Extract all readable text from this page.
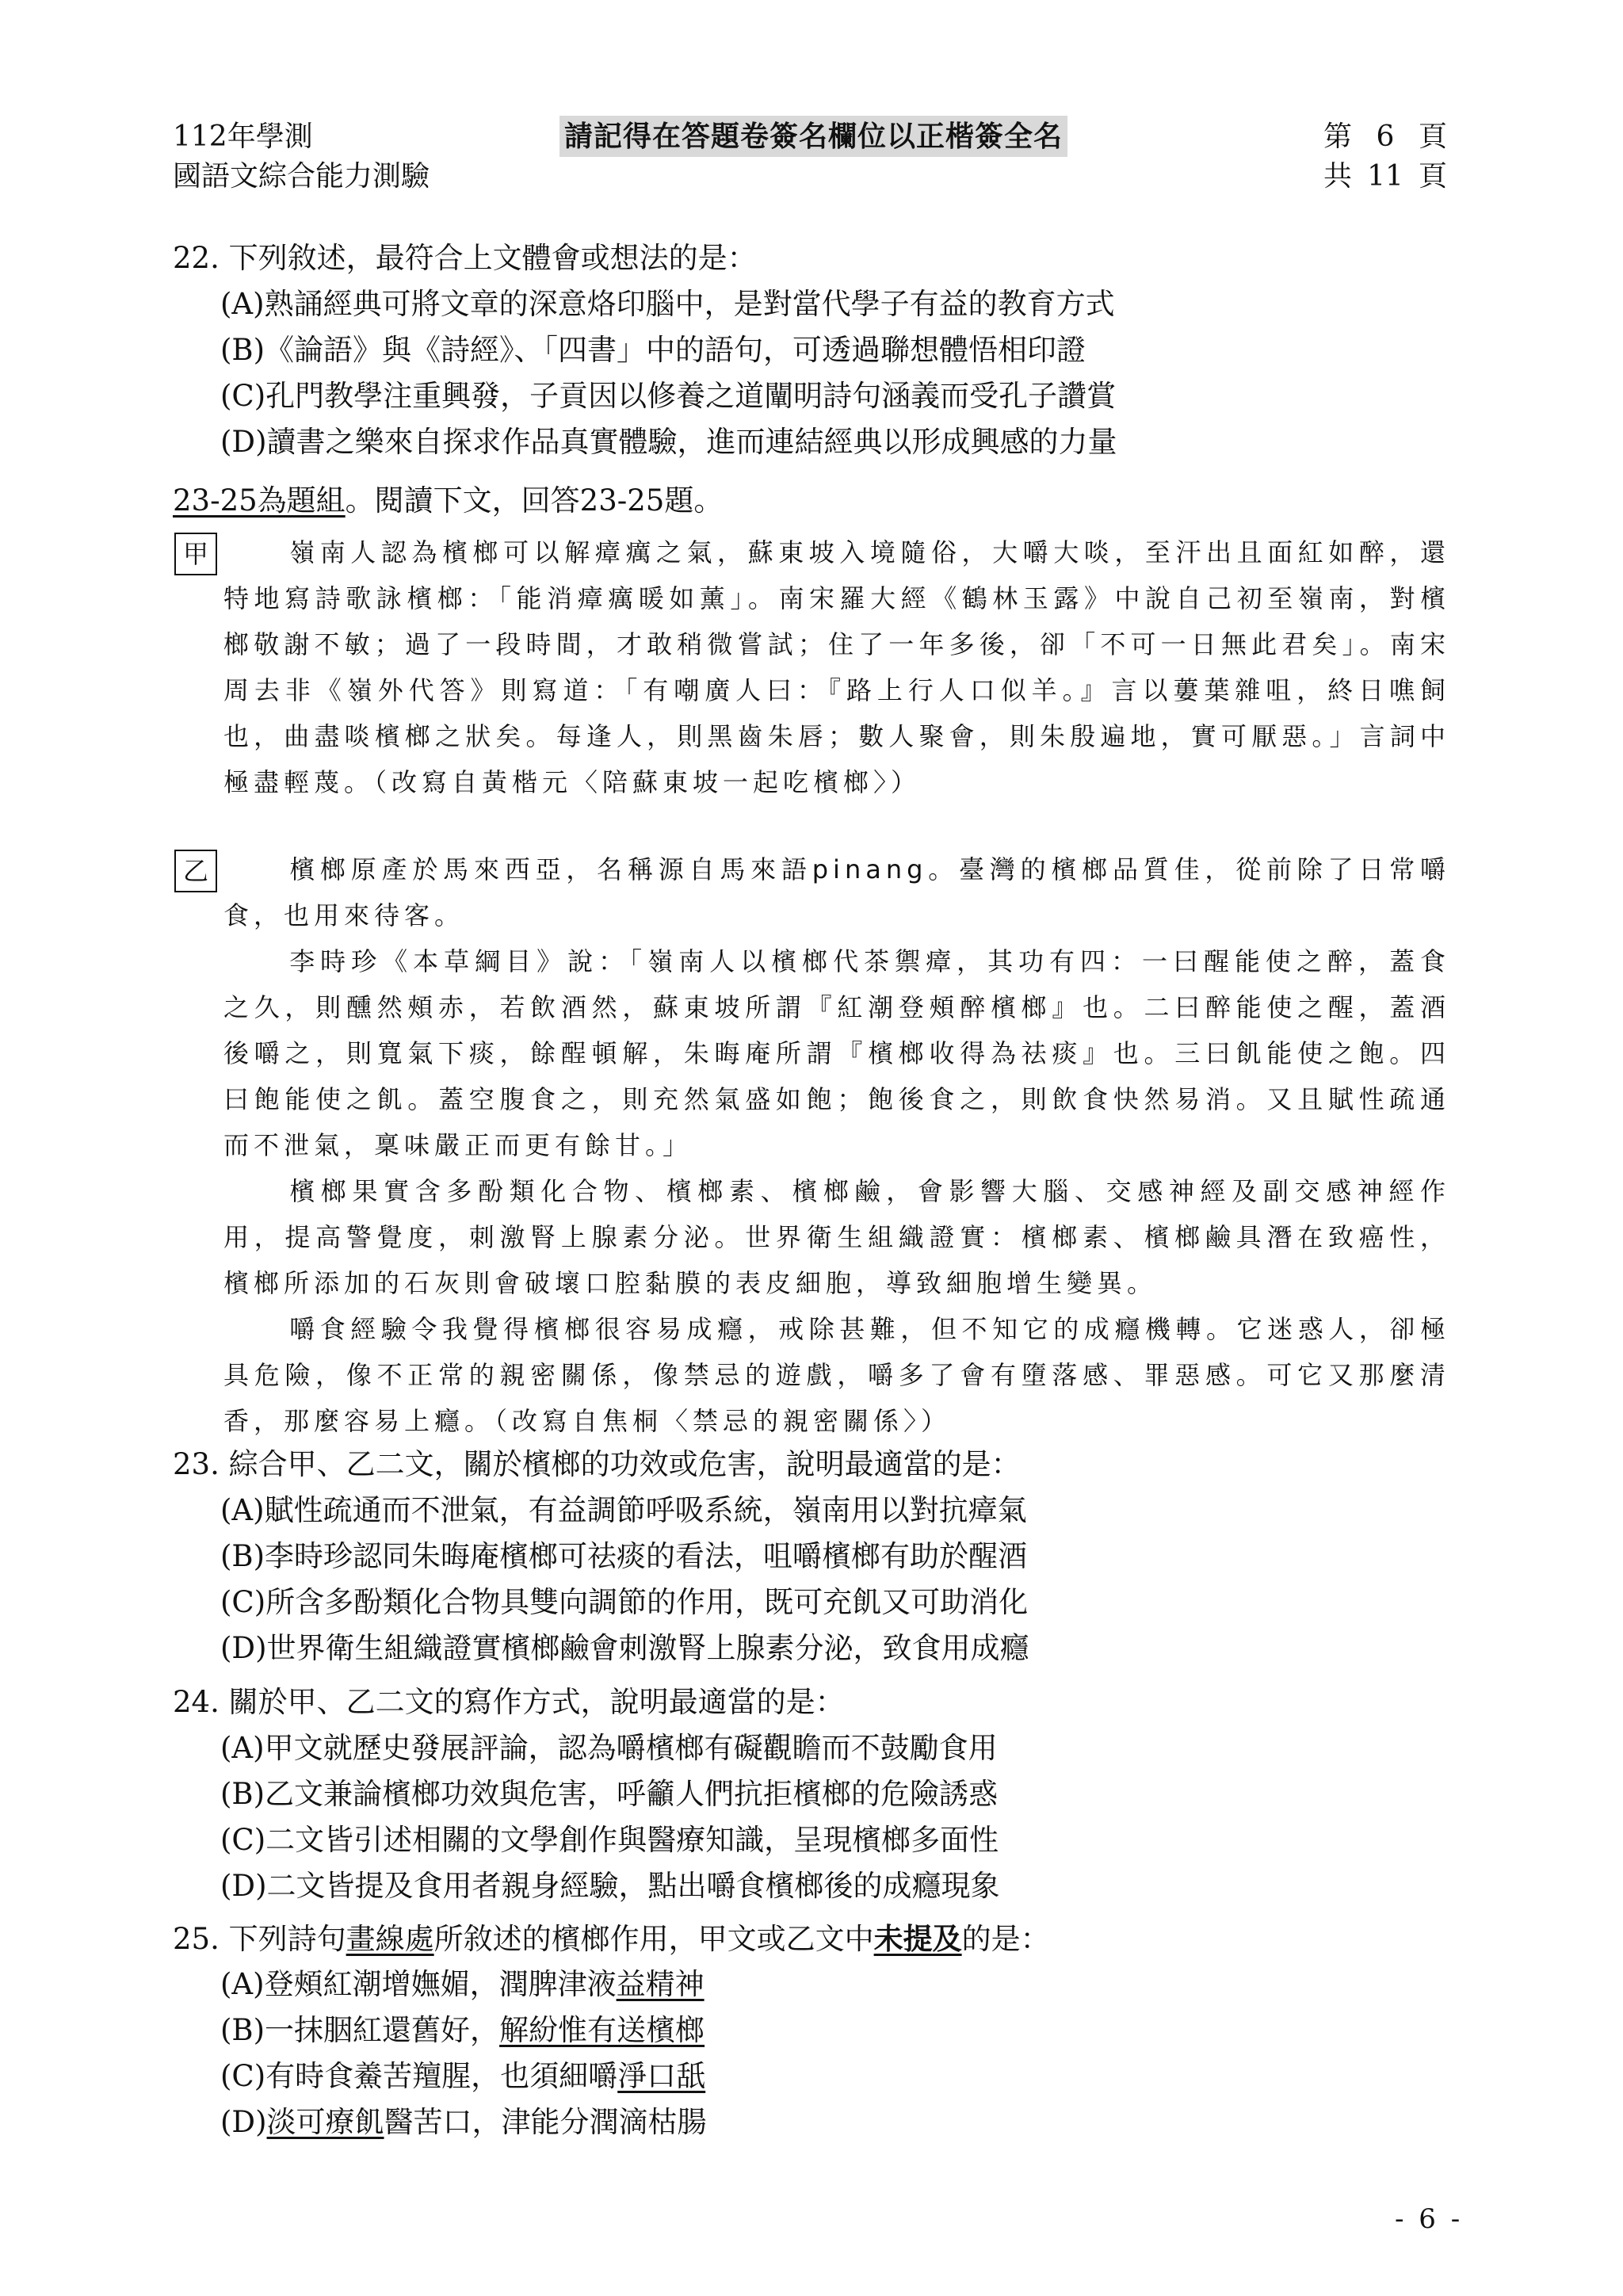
112年學測
國語文綜合能力測驗
請記得在答題卷簽名欄位以正楷簽全名	第 6 頁
共 11 頁
22. 下列敘述，最符合上文體會或想法的是：
(A)熟誦經典可將文章的深意烙印腦中，是對當代學子有益的教育方式
(B)《論語》與《詩經》、「四書」中的語句，可透過聯想體悟相印證
(C)孔門教學注重興發，子貢因以修養之道闡明詩句涵義而受孔子讚賞
(D)讀書之樂來自探求作品真實體驗，進而連結經典以形成興感的力量
23-25為題組。閱讀下文，回答23-25題。
甲	嶺南人認為檳榔可以解瘴癘之氣，蘇東坡入境隨俗，大嚼大啖，至汗出且面紅如醉，還特地寫詩歌詠檳榔：「能消瘴癘暖如薰」。南宋羅大經《鶴林玉露》中說自己初至嶺南，對檳榔敬謝不敏；過了一段時間，才敢稍微嘗試；住了一年多後，卻「不可一日無此君矣」。南宋周去非《嶺外代答》則寫道：「有嘲廣人曰：『路上行人口似羊。』言以蔞葉雜咀，終日噍飼也，曲盡啖檳榔之狀矣。每逢人，則黑齒朱唇；數人聚會，則朱殷遍地，實可厭惡。」言詞中極盡輕蔑。（改寫自黃楷元〈陪蘇東坡一起吃檳榔〉）

乙	檳榔原產於馬來西亞，名稱源自馬來語pinang。臺灣的檳榔品質佳，從前除了日常嚼食，也用來待客。

李時珍《本草綱目》說：「嶺南人以檳榔代茶禦瘴，其功有四：一曰醒能使之醉，蓋食之久，則醺然頰赤，若飲酒然，蘇東坡所謂『紅潮登頰醉檳榔』也。二曰醉能使之醒，蓋酒後嚼之，則寬氣下痰，餘酲頓解，朱晦庵所謂『檳榔收得為祛痰』也。三曰飢能使之飽。四曰飽能使之飢。蓋空腹食之，則充然氣盛如飽；飽後食之，則飲食快然易消。又且賦性疏通而不泄氣，稟味嚴正而更有餘甘。」

檳榔果實含多酚類化合物、檳榔素、檳榔鹼，會影響大腦、交感神經及副交感神經作用，提高警覺度，刺激腎上腺素分泌。世界衛生組織證實：檳榔素、檳榔鹼具潛在致癌性，檳榔所添加的石灰則會破壞口腔黏膜的表皮細胞，導致細胞增生變異。

嚼食經驗令我覺得檳榔很容易成癮，戒除甚難，但不知它的成癮機轉。它迷惑人，卻極具危險，像不正常的親密關係，像禁忌的遊戲，嚼多了會有墮落感、罪惡感。可它又那麼清香，那麼容易上癮。（改寫自焦桐〈禁忌的親密關係〉）

23. 綜合甲、乙二文，關於檳榔的功效或危害，說明最適當的是：
(A)賦性疏通而不泄氣，有益調節呼吸系統，嶺南用以對抗瘴氣
(B)李時珍認同朱晦庵檳榔可祛痰的看法，咀嚼檳榔有助於醒酒
(C)所含多酚類化合物具雙向調節的作用，既可充飢又可助消化
(D)世界衛生組織證實檳榔鹼會刺激腎上腺素分泌，致食用成癮
24. 關於甲、乙二文的寫作方式，說明最適當的是：
(A)甲文就歷史發展評論，認為嚼檳榔有礙觀瞻而不鼓勵食用
(B)乙文兼論檳榔功效與危害，呼籲人們抗拒檳榔的危險誘惑
(C)二文皆引述相關的文學創作與醫療知識，呈現檳榔多面性
(D)二文皆提及食用者親身經驗，點出嚼食檳榔後的成癮現象
25. 下列詩句畫線處所敘述的檳榔作用，甲文或乙文中未提及的是：
(A)登頰紅潮增嫵媚，潤脾津液益精神
(B)一抹胭紅還舊好，解紛惟有送檳榔
(C)有時食鯗苦羶腥，也須細嚼淨口舐
(D)淡可療飢醫苦口，津能分潤滴枯腸
- 6 -
